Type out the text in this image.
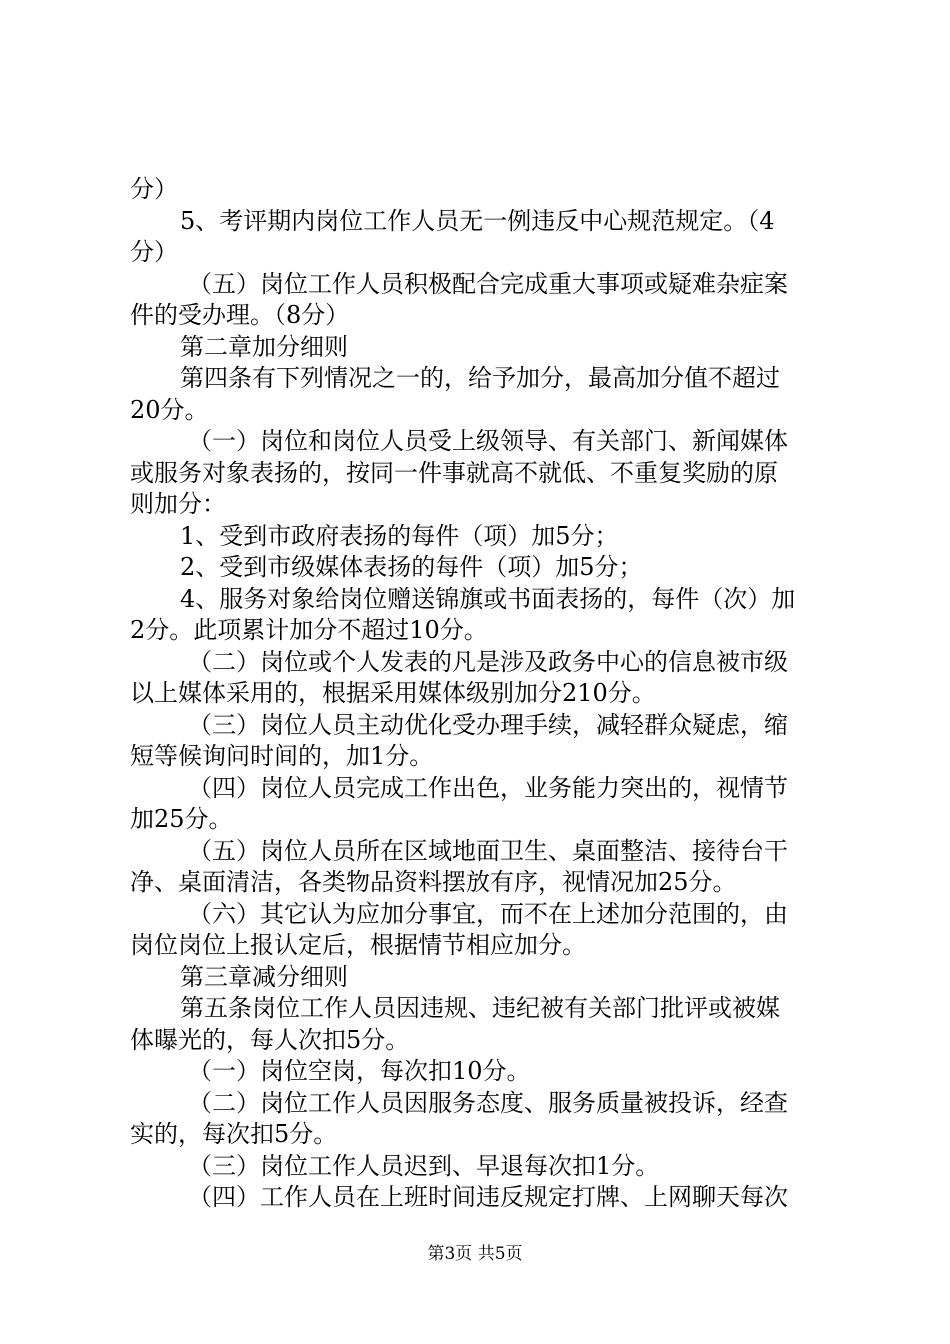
分）
5、考评期内岗位工作人员无一例违反中心规范规定。（4
分）
（五）岗位工作人员积极配合完成重大事项或疑难杂症案
件的受办理。（8分）
第二章加分细则
第四条有下列情况之一的，给予加分，最高加分值不超过
20分。
（一）岗位和岗位人员受上级领导、有关部门、新闻媒体
或服务对象表扬的，按同一件事就高不就低、不重复奖励的原
则加分：
1、受到市政府表扬的每件（项）加5分；
2、受到市级媒体表扬的每件（项）加5分；
4、服务对象给岗位赠送锦旗或书面表扬的，每件（次）加
2分。此项累计加分不超过10分。
（二）岗位或个人发表的凡是涉及政务中心的信息被市级
以上媒体采用的，根据采用媒体级别加分210分。
（三）岗位人员主动优化受办理手续，减轻群众疑虑，缩
短等候询问时间的，加1分。
（四）岗位人员完成工作出色，业务能力突出的，视情节
加25分。
（五）岗位人员所在区域地面卫生、桌面整洁、接待台干
净、桌面清洁，各类物品资料摆放有序，视情况加25分。
（六）其它认为应加分事宜，而不在上述加分范围的，由
岗位岗位上报认定后，根据情节相应加分。
第三章减分细则
第五条岗位工作人员因违规、违纪被有关部门批评或被媒
体曝光的，每人次扣5分。
（一）岗位空岗，每次扣10分。
（二）岗位工作人员因服务态度、服务质量被投诉，经查
实的，每次扣5分。
（三）岗位工作人员迟到、早退每次扣1分。
（四）工作人员在上班时间违反规定打牌、上网聊天每次
第3页 共5页
